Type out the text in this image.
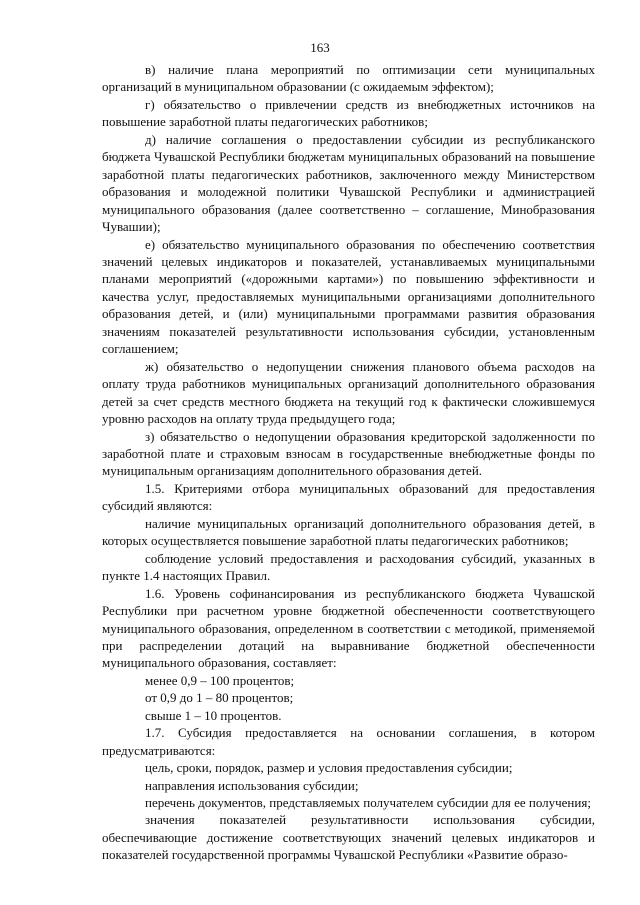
163

в) наличие плана мероприятий по оптимизации сети муниципальных организаций в муниципальном образовании (с ожидаемым эффектом);

г) обязательство о привлечении средств из внебюджетных источников на повышение заработной платы педагогических работников;

д) наличие соглашения о предоставлении субсидии из республиканского бюджета Чувашской Республики бюджетам муниципальных образований на повышение заработной платы педагогических работников, заключенного между Министерством образования и молодежной политики Чувашской Республики и администрацией муниципального образования (далее соответственно – соглашение, Минобразования Чувашии);

е) обязательство муниципального образования по обеспечению соответствия значений целевых индикаторов и показателей, устанавливаемых муниципальными планами мероприятий («дорожными картами») по повышению эффективности и качества услуг, предоставляемых муниципальными организациями дополнительного образования детей, и (или) муниципальными программами развития образования значениям показателей результативности использования субсидии, установленным соглашением;

ж) обязательство о недопущении снижения планового объема расходов на оплату труда работников муниципальных организаций дополнительного образования детей за счет средств местного бюджета на текущий год к фактически сложившемуся уровню расходов на оплату труда предыдущего года;

з) обязательство о недопущении образования кредиторской задолженности по заработной плате и страховым взносам в государственные внебюджетные фонды по муниципальным организациям дополнительного образования детей.

1.5. Критериями отбора муниципальных образований для предоставления субсидий являются:

наличие муниципальных организаций дополнительного образования детей, в которых осуществляется повышение заработной платы педагогических работников;

соблюдение условий предоставления и расходования субсидий, указанных в пункте 1.4 настоящих Правил.

1.6. Уровень софинансирования из республиканского бюджета Чувашской Республики при расчетном уровне бюджетной обеспеченности соответствующего муниципального образования, определенном в соответствии с методикой, применяемой при распределении дотаций на выравнивание бюджетной обеспеченности муниципального образования, составляет:

менее 0,9 – 100 процентов;

от 0,9 до 1 – 80 процентов;

свыше 1 – 10 процентов.

1.7. Субсидия предоставляется на основании соглашения, в котором предусматриваются:

цель, сроки, порядок, размер и условия предоставления субсидии;

направления использования субсидии;

перечень документов, представляемых получателем субсидии для ее получения;

значения показателей результативности использования субсидии, обеспечивающие достижение соответствующих значений целевых индикаторов и показателей государственной программы Чувашской Республики «Развитие образо-
